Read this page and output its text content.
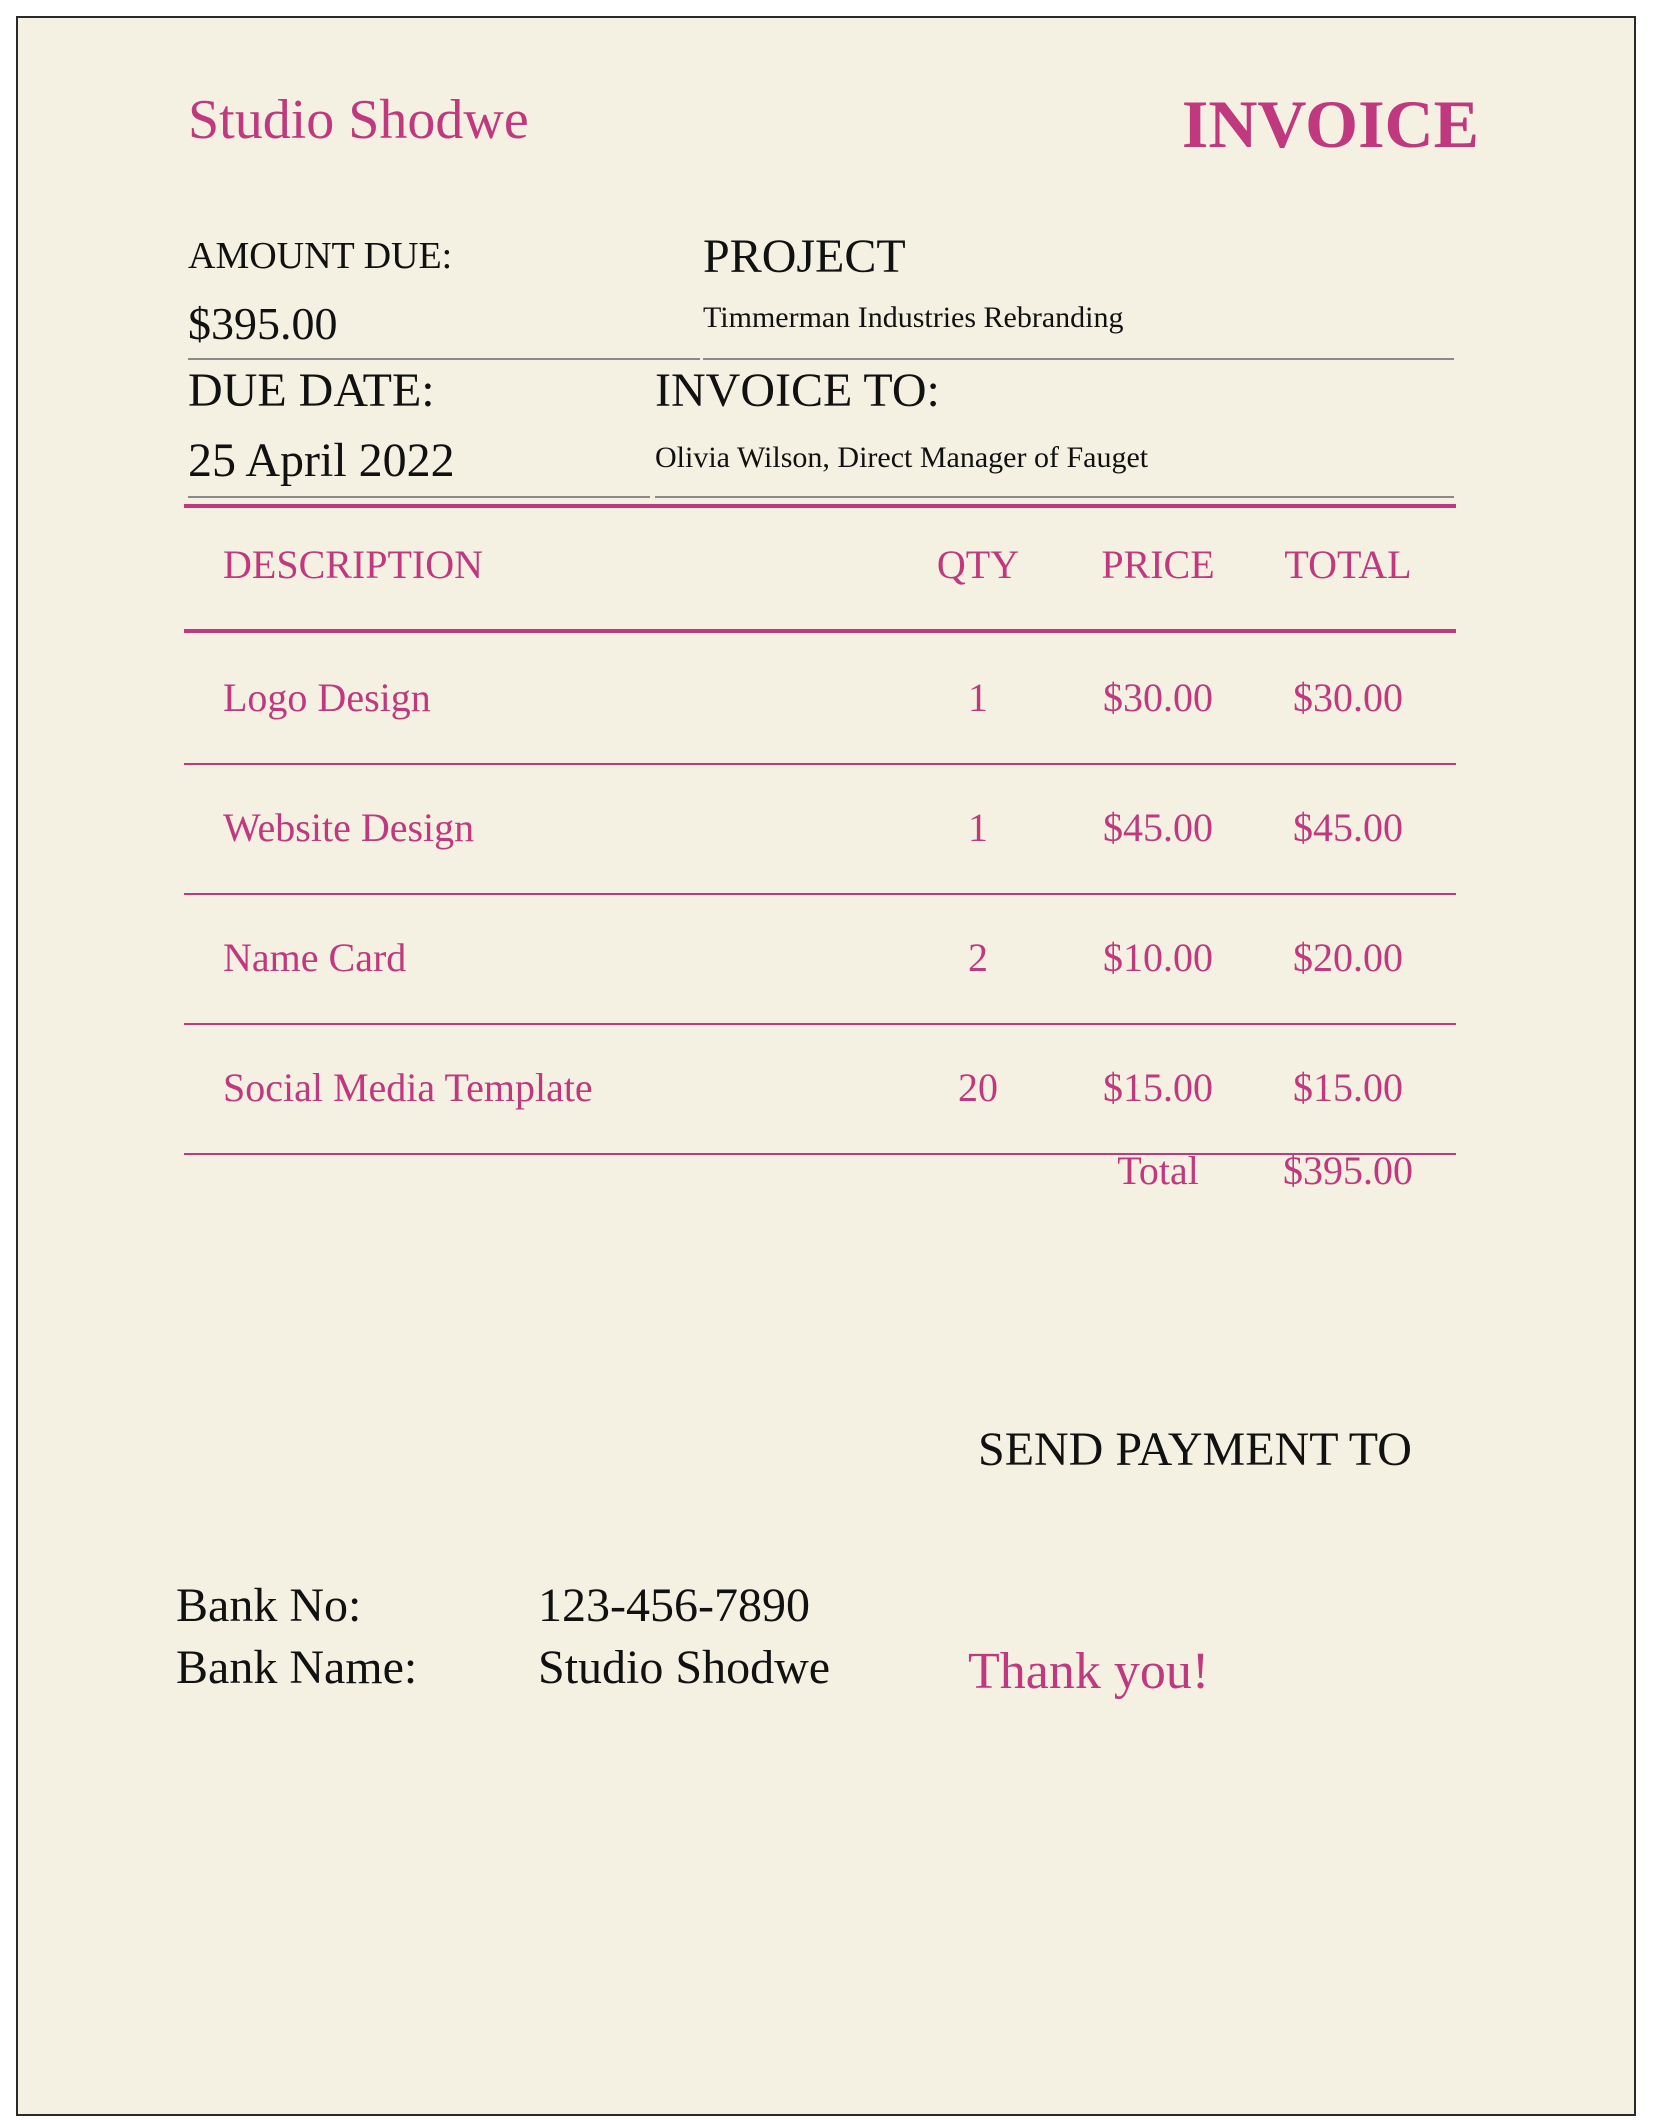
Studio Shodwe	INVOICE
AMOUNT DUE:
$395.00
PROJECT
Timmerman Industries Rebranding
DUE DATE:
25 April 2022
INVOICE TO:
Olivia Wilson, Direct Manager of Fauget
DESCRIPTION	QTY	PRICE	TOTAL
Logo Design	1	$30.00	$30.00
Website Design	1	$45.00	$45.00
Name Card	2	$10.00	$20.00
Social Media Template	20	$15.00	$15.00
Total	$395.00
SEND PAYMENT TO
Bank No:	123-456-7890
Bank Name:	Studio Shodwe	Thank you!
